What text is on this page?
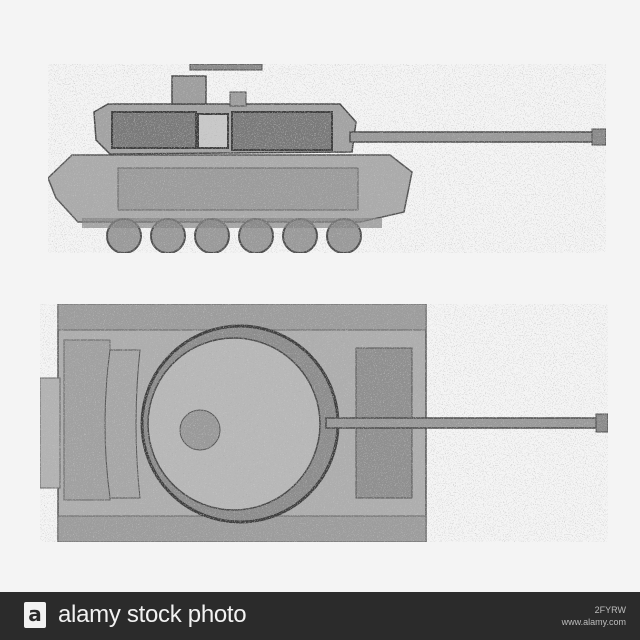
a alamy stock photo	2FYRW
www.alamy.com
